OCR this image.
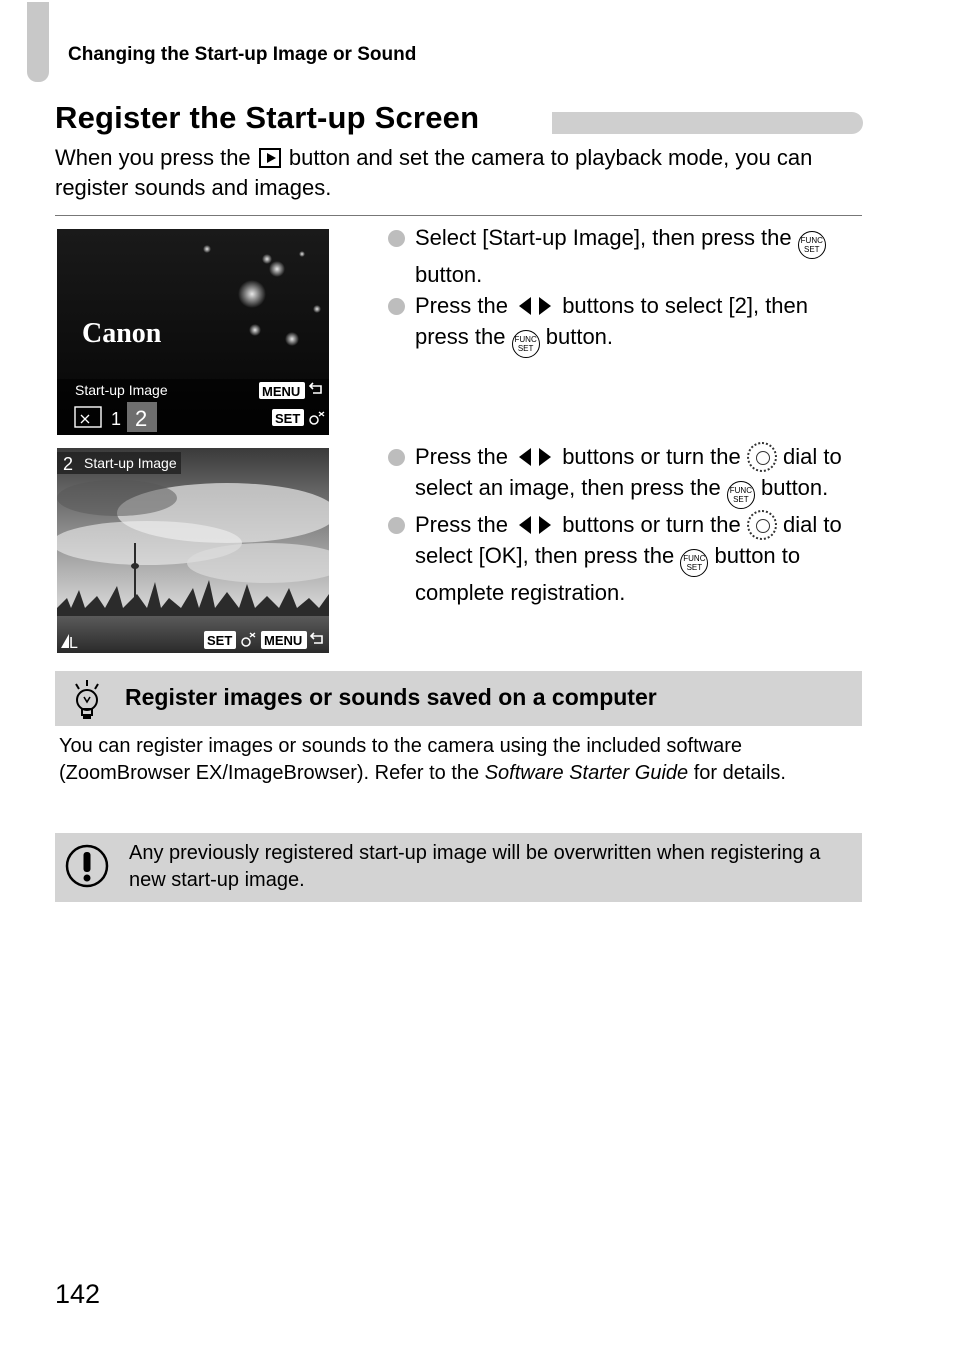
Changing the Start-up Image or Sound
Register the Start-up Screen
When you press the button and set the camera to playback mode, you can register sounds and images.
Canon
Start-up Image	MENU
SET
1 2
2 Start-up Image
L	SET MENU
Select [Start-up Image], then press the FUNC
SET button.
Press the buttons to select [2], then press the FUNC
SET button.
Press the buttons or turn the dial to select an image, then press the FUNC
SET button.
Press the buttons or turn the dial to select [OK], then press the FUNC
SET button to complete registration.
Register images or sounds saved on a computer
You can register images or sounds to the camera using the included software (ZoomBrowser EX/ImageBrowser). Refer to the Software Starter Guide for details.
Any previously registered start-up image will be overwritten when registering a new start-up image.
142
